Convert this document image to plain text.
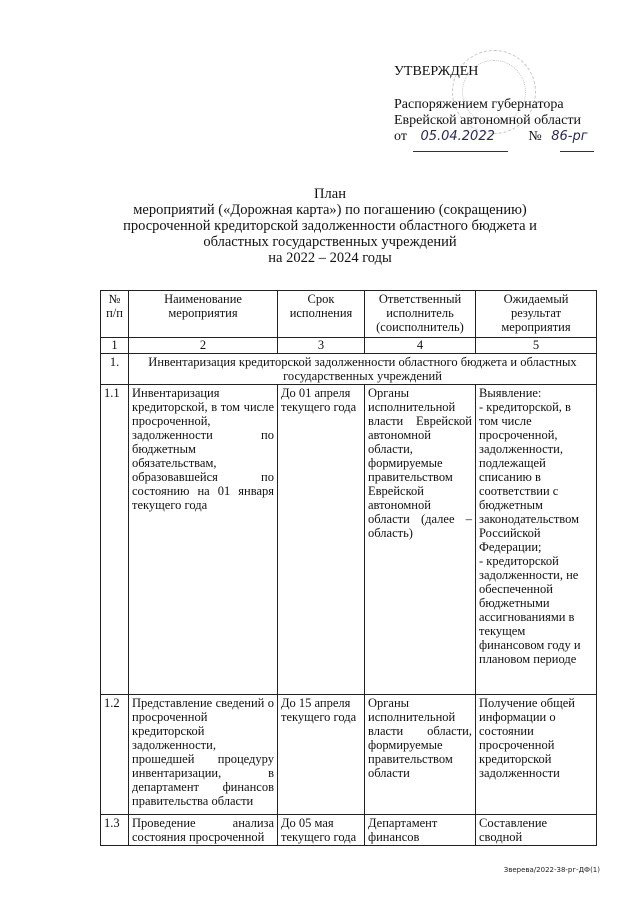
УТВЕРЖДЕН
Распоряжением губернатора
Еврейской автономной области
от 05.04.2022 № 86-рг
План
мероприятий («Дорожная карта») по погашению (сокращению)
просроченной кредиторской задолженности областного бюджета и
областных государственных учреждений
на 2022 – 2024 годы
№ п/п	Наименование мероприятия	Срок исполнения	Ответственный исполнитель (соисполнитель)	Ожидаемый результат мероприятия
1	2	3	4	5
1.	Инвентаризация кредиторской задолженности областного бюджета и областных государственных учреждений			
1.1	Инвентаризация кредиторской, в том числе просроченной, задолженности по бюджетным обязательствам, образовавшейся по состоянию на 01 января текущего года	До 01 апреля текущего года	Органы исполнительной власти Еврейской автономной области, формируемые правительством Еврейской автономной области (далее – область)	Выявление:
- кредиторской, в том числе просроченной, задолженности, подлежащей списанию в соответствии с бюджетным законодательством Российской Федерации;
- кредиторской задолженности, не обеспеченной бюджетными ассигнованиями в текущем финансовом году и плановом периоде
1.2	Представление сведений о просроченной кредиторской задолженности, прошедшей процедуру инвентаризации, в департамент финансов правительства области	До 15 апреля текущего года	Органы исполнительной власти области, формируемые правительством области	Получение общей информации о состоянии просроченной кредиторской задолженности
1.3	Проведение анализа состояния просроченной	До 05 мая текущего года	Департамент финансов	Составление сводной
Зверева/2022-38-рг-ДФ(1)
